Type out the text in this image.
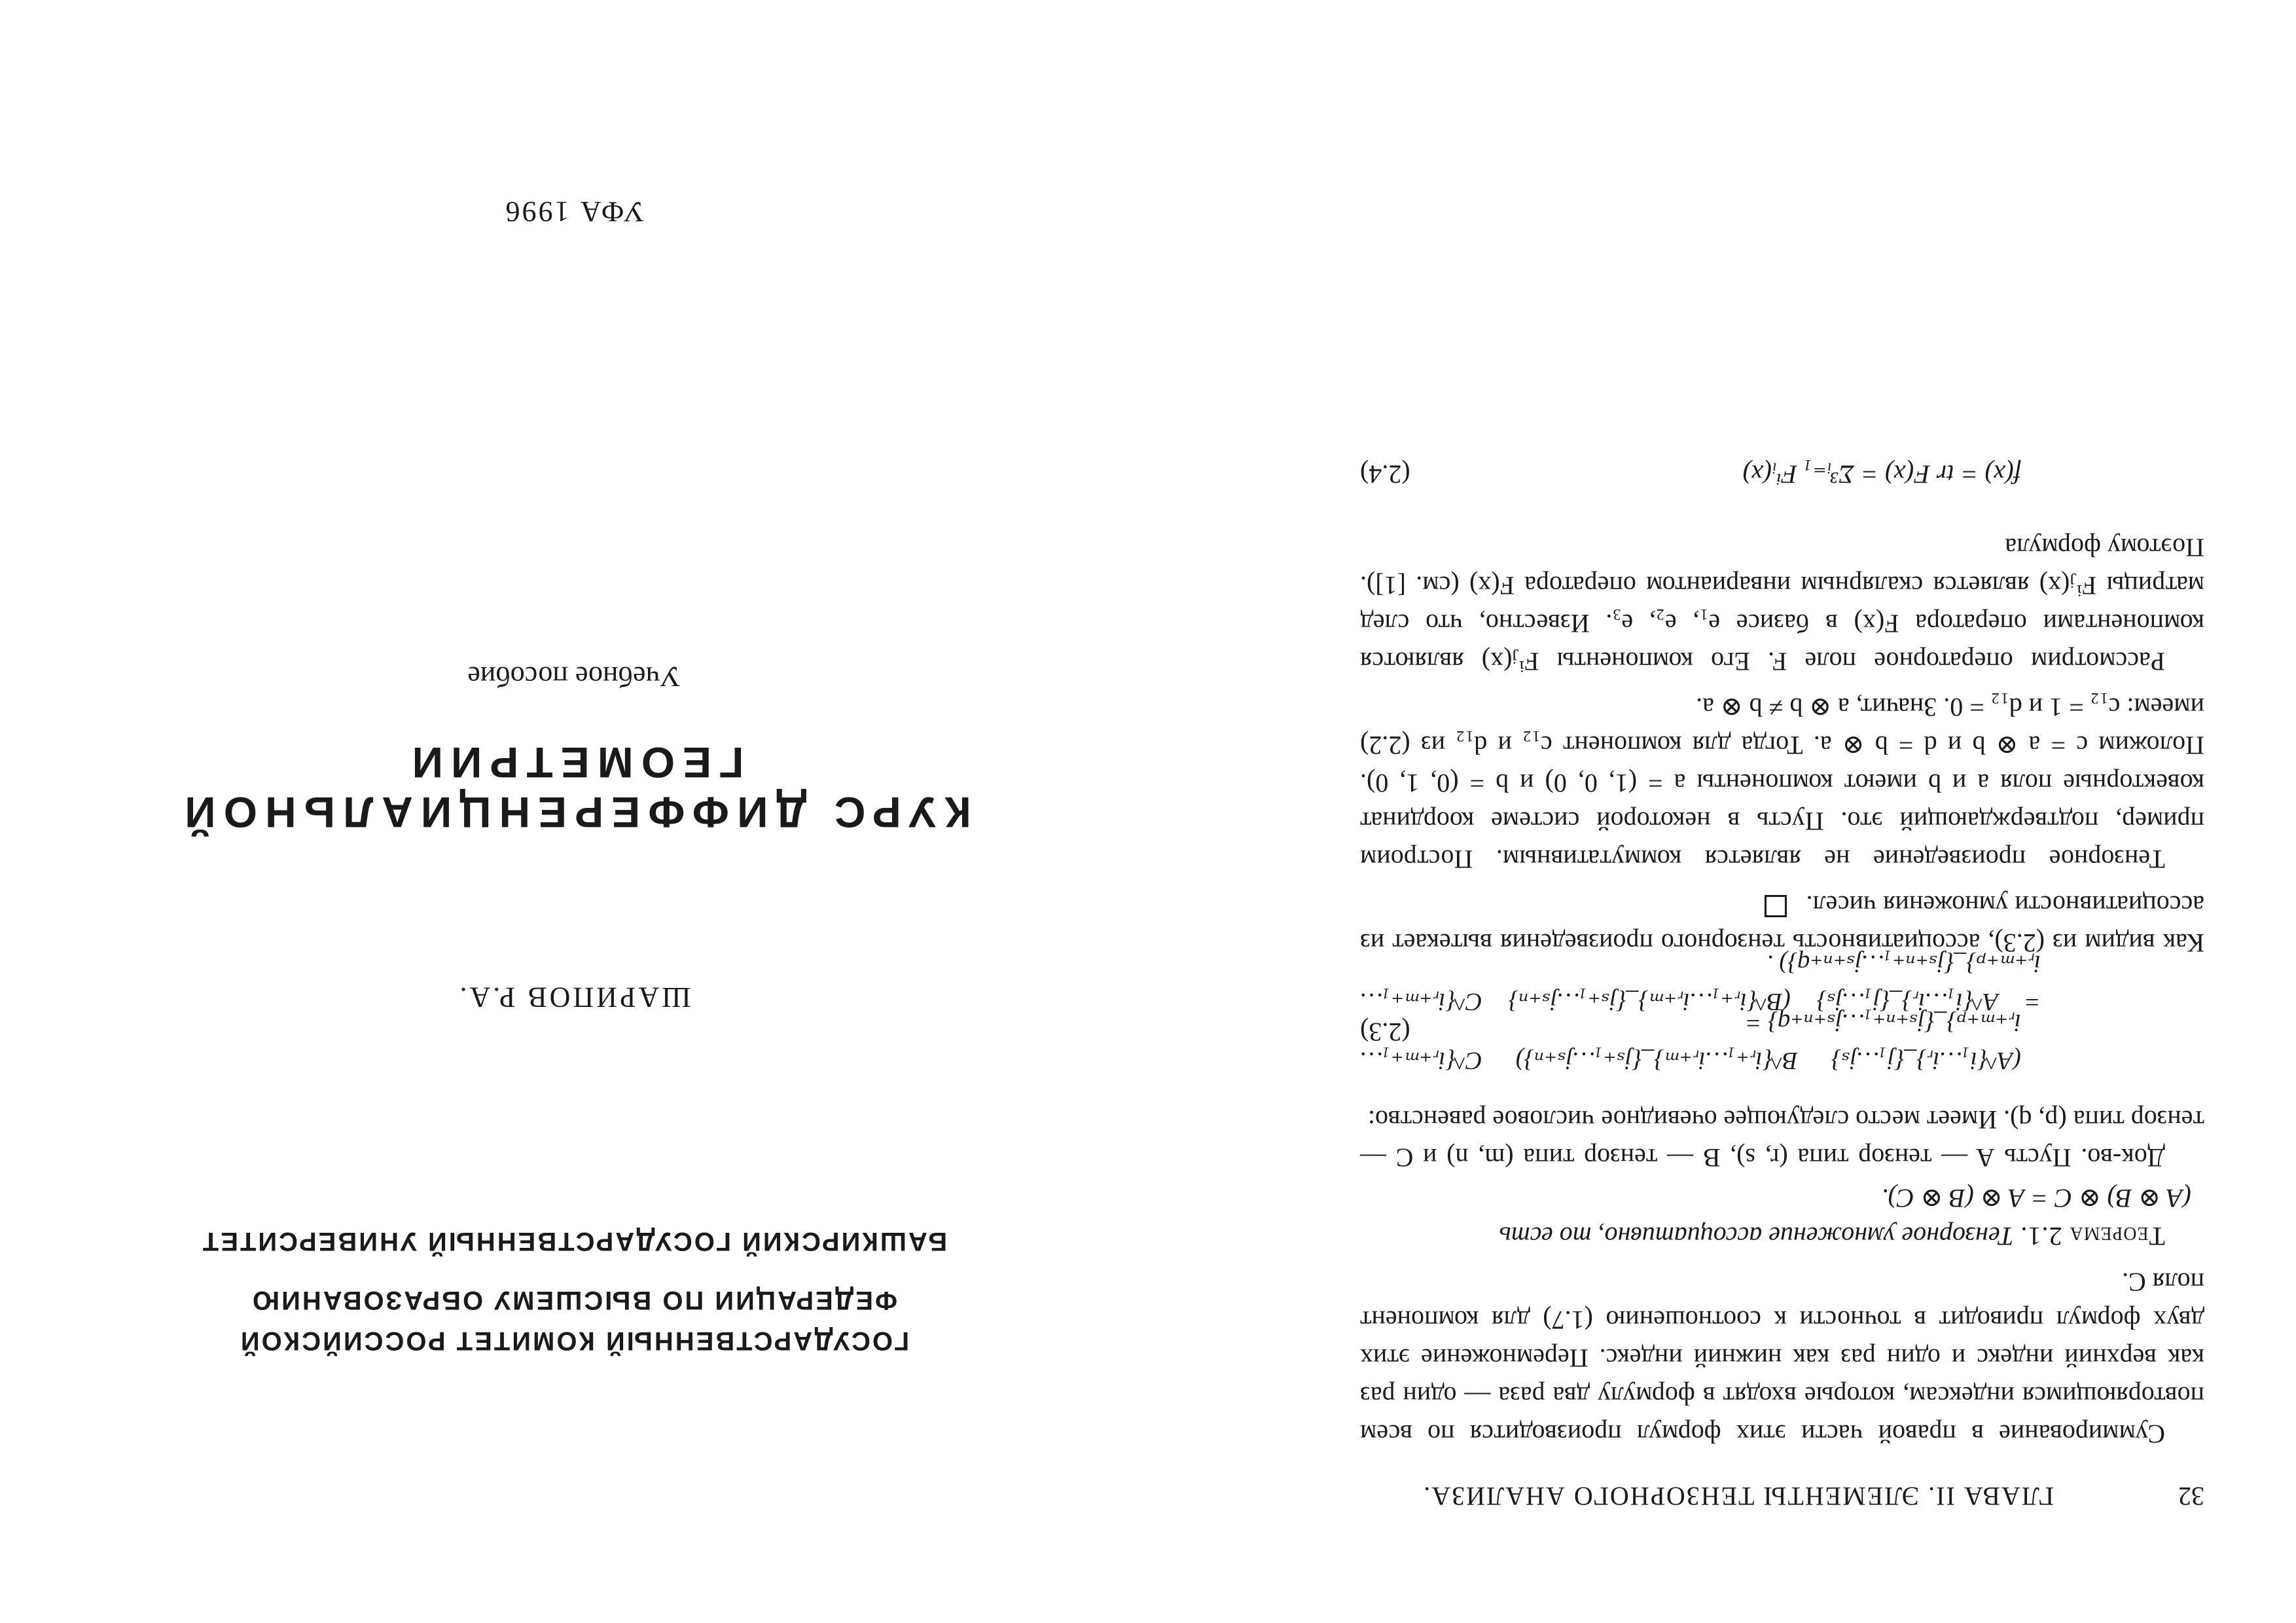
32
ГЛАВА II. ЭЛЕМЕНТЫ ТЕНЗОРНОГО АНАЛИЗА.

Суммирование в правой части этих формул производится по всем повторяющимся индексам, которые входят в формулу два раза — один раз как верхний индекс и один раз как нижний индекс. Перемножение этих двух формул приводит в точности к соотношению (1.7) для компонент поля C.

Теорема 2.1. Тензорное умножение ассоциативно, то есть

(A ⊗ B) ⊗ C = A ⊗ (B ⊗ C).

Док-во. Пусть A — тензор типа (r, s), B — тензор типа (m, n) и C — тензор типа (p, q). Имеет место следующее очевидное числовое равенство:

(A^{i₁…iᵣ}_{j₁…jₛ} B^{iᵣ₊₁…iᵣ₊ₘ}_{jₛ₊₁…jₛ₊ₙ}) C^{iᵣ₊ₘ₊₁…iᵣ₊ₘ₊ₚ}_{jₛ₊ₙ₊₁…jₛ₊ₙ₊q} =
= A^{i₁…iᵣ}_{j₁…jₛ} (B^{iᵣ₊₁…iᵣ₊ₘ}_{jₛ₊₁…jₛ₊ₙ} C^{iᵣ₊ₘ₊₁…iᵣ₊ₘ₊ₚ}_{jₛ₊ₙ₊₁…jₛ₊ₙ₊q}) .
(2.3)

Как видим из (2.3), ассоциативность тензорного произведения вытекает из ассоциативности умножения чисел.

Тензорное произведение не является коммутативным. Построим пример, подтверждающий это. Пусть в некоторой системе координат ковекторные поля a и b имеют компоненты a = (1, 0, 0) и b = (0, 1, 0). Положим c = a ⊗ b и d = b ⊗ a. Тогда для компонент c₁₂ и d₁₂ из (2.2) имеем: c₁₂ = 1 и d₁₂ = 0. Значит, a ⊗ b ≠ b ⊗ a.

Рассмотрим операторное поле F. Его компоненты Fⁱⱼ(x) являются компонентами оператора F(x) в базисе e₁, e₂, e₃. Известно, что след матрицы Fⁱⱼ(x) является скалярным инвариантом оператора F(x) (см. [1]). Поэтому формула

f(x) = tr F(x) = Σ³ᵢ₌₁ Fⁱᵢ(x)
(2.4)
ГОСУДАРСТВЕННЫЙ КОМИТЕТ РОССИЙСКОЙ
ФЕДЕРАЦИИ ПО ВЫСШЕМУ ОБРАЗОВАНИЮ
БАШКИРСКИЙ ГОСУДАРСТВЕННЫЙ УНИВЕРСИТЕТ
ШАРИПОВ Р.А.
КУРС ДИФФЕРЕНЦИАЛЬНОЙ ГЕОМЕТРИИ
Учебное пособие
УФА 1996
